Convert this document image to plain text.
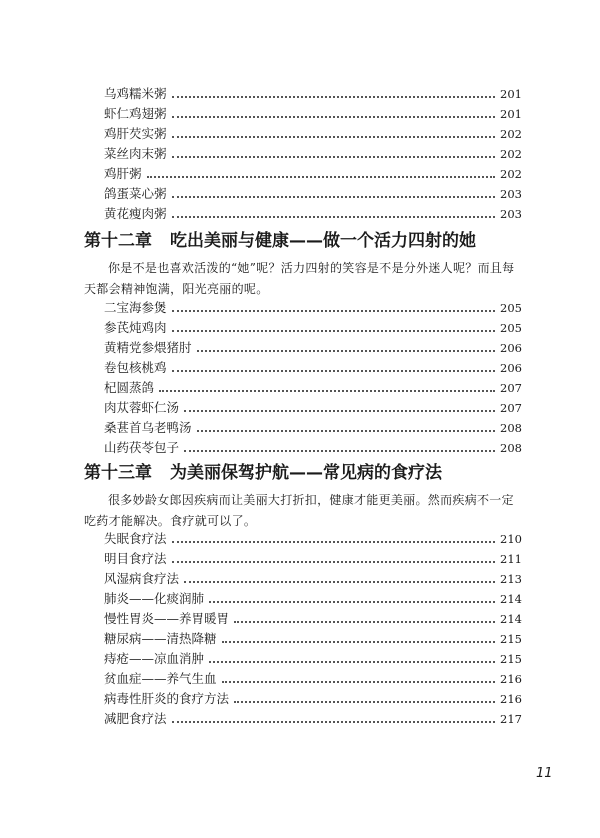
乌鸡糯米粥	201
虾仁鸡翅粥	201
鸡肝芡实粥	202
菜丝肉末粥	202
鸡肝粥	202
鸽蛋菜心粥	203
黄花瘦肉粥	203
第十二章 吃出美丽与健康——做一个活力四射的她

你是不是也喜欢活泼的“她”呢？活力四射的笑容是不是分外迷人呢？而且每天都会精神饱满，阳光亮丽的呢。

二宝海参煲	205
参芪炖鸡肉	205
黄精党参煨猪肘	206
卷包核桃鸡	206
杞圆蒸鸽	207
肉苁蓉虾仁汤	207
桑葚首乌老鸭汤	208
山药茯苓包子	208
第十三章 为美丽保驾护航——常见病的食疗法

很多妙龄女郎因疾病而让美丽大打折扣，健康才能更美丽。然而疾病不一定吃药才能解决。食疗就可以了。

失眠食疗法	210
明目食疗法	211
风湿病食疗法	213
肺炎——化痰润肺	214
慢性胃炎——养胃暖胃	214
糖尿病——清热降糖	215
痔疮——凉血消肿	215
贫血症——养气生血	216
病毒性肝炎的食疗方法	216
减肥食疗法	217
11
